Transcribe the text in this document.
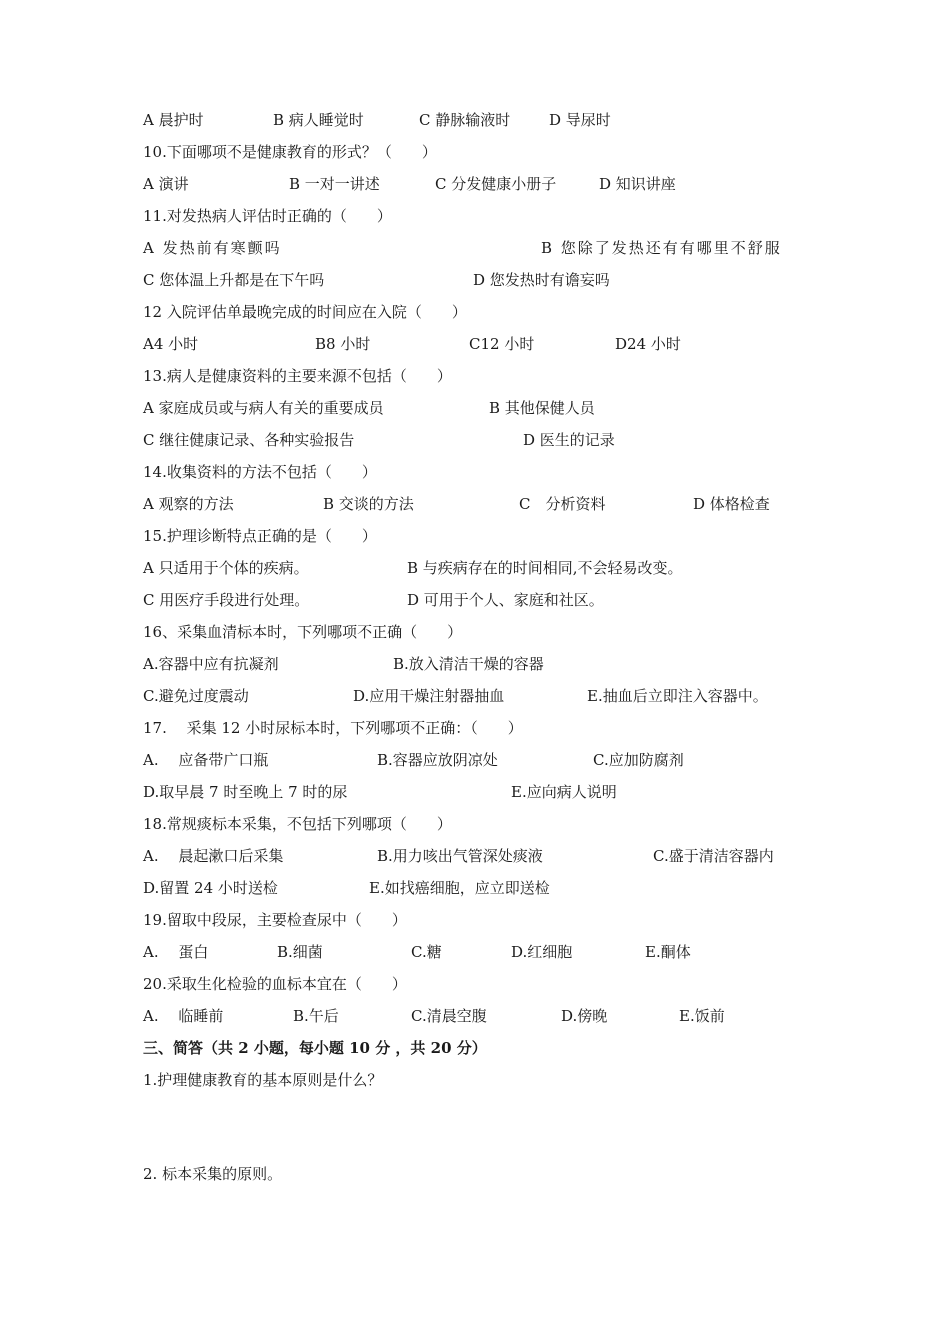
A 晨护时	B 病人睡觉时	C 静脉输液时	D 导尿时
10.下面哪项不是健康教育的形式？（　　）
A 演讲	B 一对一讲述	C 分发健康小册子	D 知识讲座
11.对发热病人评估时正确的（　　）
A 发热前有寒颤吗	B 您除了发热还有有哪里不舒服
C 您体温上升都是在下午吗	D 您发热时有谵妄吗
12 入院评估单最晚完成的时间应在入院（　　）
A4 小时	B8 小时	C12 小时	D24 小时
13.病人是健康资料的主要来源不包括（　　）
A 家庭成员或与病人有关的重要成员	B 其他保健人员
C 继往健康记录、各种实验报告	D 医生的记录
14.收集资料的方法不包括（　　）
A 观察的方法	B 交谈的方法	C　分析资料	D 体格检查
15.护理诊断特点正确的是（　　）
A 只适用于个体的疾病。	B 与疾病存在的时间相同,不会轻易改变。
C 用医疗手段进行处理。	D 可用于个人、家庭和社区。
16、采集血清标本时，下列哪项不正确（　　）
A.容器中应有抗凝剂	B.放入清洁干燥的容器
C.避免过度震动	D.应用干燥注射器抽血	E.抽血后立即注入容器中。
17.　 采集 12 小时尿标本时，下列哪项不正确：（　　）
A.　 应备带广口瓶	B.容器应放阴凉处	C.应加防腐剂
D.取早晨 7 时至晚上 7 时的尿	E.应向病人说明
18.常规痰标本采集，不包括下列哪项（　　）
A.　 晨起漱口后采集	B.用力咳出气管深处痰液	C.盛于清洁容器内
D.留置 24 小时送检	E.如找癌细胞，应立即送检
19.留取中段尿，主要检查尿中（　　）
A.　 蛋白	B.细菌	C.糖	D.红细胞	E.酮体
20.采取生化检验的血标本宜在（　　）
A.　 临睡前	B.午后	C.清晨空腹	D.傍晚	E.饭前
三、简答（共 2 小题，每小题 10 分 ，共 20 分）
1.护理健康教育的基本原则是什么？
2. 标本采集的原则。
